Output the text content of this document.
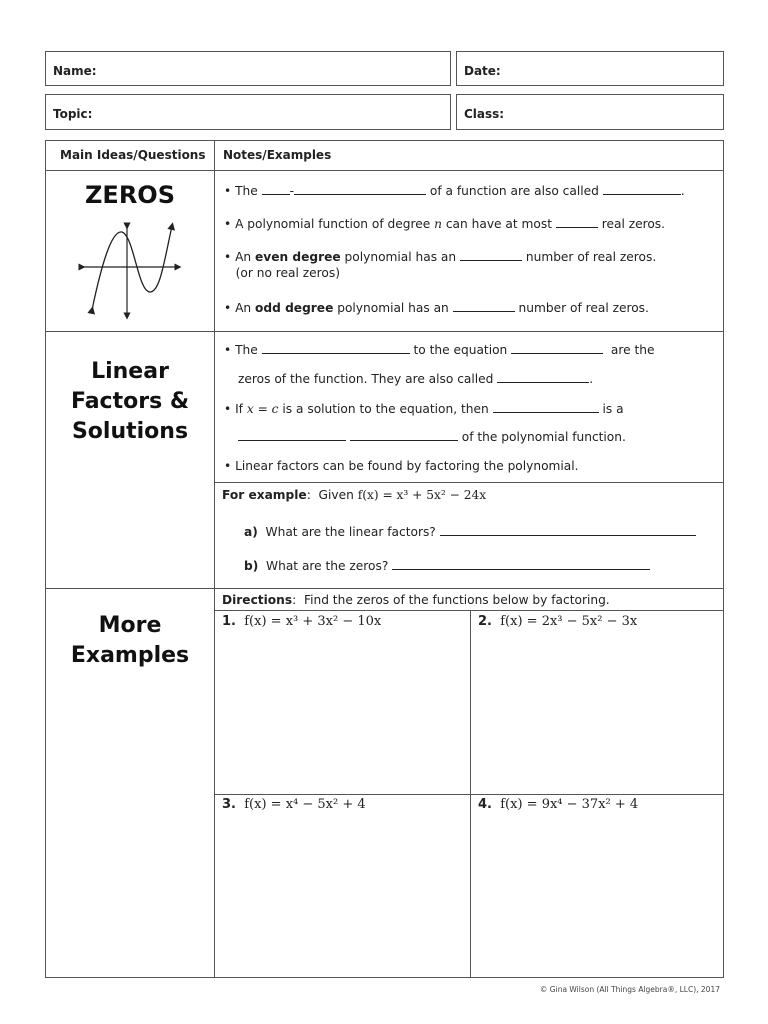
Name:	Date:
Topic:	Class:
Main Ideas/Questions Notes/Examples
ZEROS	• The	-	of a function are also called	.
• A polynomial function of degree n can have at most	real zeros.
• An even degree polynomial has an	number of real zeros.
(or no real zeros)
• An odd degree polynomial has an	number of real zeros.
Linear
Factors &
Solutions
• The	to the equation	are the
zeros of the function. They are also called	.
• If x = c is a solution to the equation, then	is a
of the polynomial function.
• Linear factors can be found by factoring the polynomial.
For example:  Given f(x) = x³ + 5x² − 24x
a) What are the linear factors?
b) What are the zeros?
More
Examples
Directions:  Find the zeros of the functions below by factoring.
1. f(x) = x³ + 3x² − 10x	2. f(x) = 2x³ − 5x² − 3x
3. f(x) = x⁴ − 5x² + 4	4. f(x) = 9x⁴ − 37x² + 4
© Gina Wilson (All Things Algebra®, LLC), 2017
